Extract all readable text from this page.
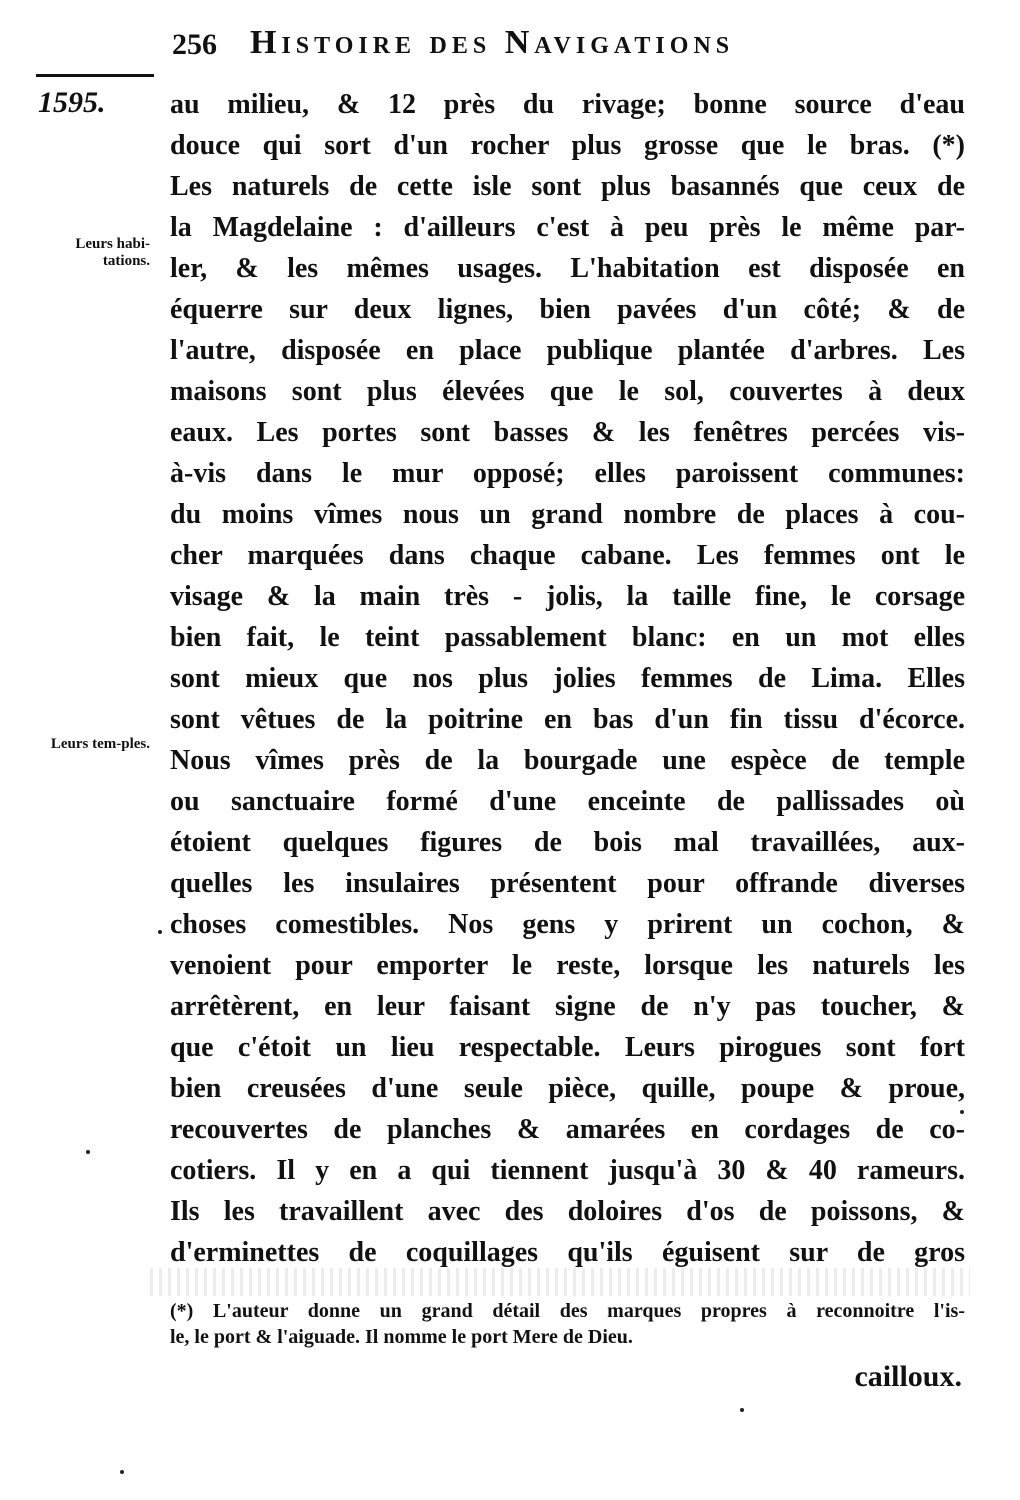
256 Histoire des Navigations
1595.
Leurs habi-tations.
Leurs tem-ples.
au milieu, & 12 près du rivage; bonne source d'eau
douce qui sort d'un rocher plus grosse que le bras. (*)
Les naturels de cette isle sont plus basannés que ceux de
la Magdelaine : d'ailleurs c'est à peu près le même par-
ler, & les mêmes usages. L'habitation est disposée en
équerre sur deux lignes, bien pavées d'un côté; & de
l'autre, disposée en place publique plantée d'arbres. Les
maisons sont plus élevées que le sol, couvertes à deux
eaux. Les portes sont basses & les fenêtres percées vis-
à-vis dans le mur opposé; elles paroissent communes:
du moins vîmes nous un grand nombre de places à cou-
cher marquées dans chaque cabane. Les femmes ont le
visage & la main très - jolis, la taille fine, le corsage
bien fait, le teint passablement blanc: en un mot elles
sont mieux que nos plus jolies femmes de Lima. Elles
sont vêtues de la poitrine en bas d'un fin tissu d'écorce.
Nous vîmes près de la bourgade une espèce de temple
ou sanctuaire formé d'une enceinte de pallissades où
étoient quelques figures de bois mal travaillées, aux-
quelles les insulaires présentent pour offrande diverses
choses comestibles. Nos gens y prirent un cochon, &
venoient pour emporter le reste, lorsque les naturels les
arrêtèrent, en leur faisant signe de n'y pas toucher, &
que c'étoit un lieu respectable. Leurs pirogues sont fort
bien creusées d'une seule pièce, quille, poupe & proue,
recouvertes de planches & amarées en cordages de co-
cotiers. Il y en a qui tiennent jusqu'à 30 & 40 rameurs.
Ils les travaillent avec des doloires d'os de poissons, &
d'erminettes de coquillages qu'ils éguisent sur de gros
(*) L'auteur donne un grand détail des marques propres à reconnoitre l'is-
le, le port & l'aiguade. Il nomme le port Mere de Dieu.
cailloux.
